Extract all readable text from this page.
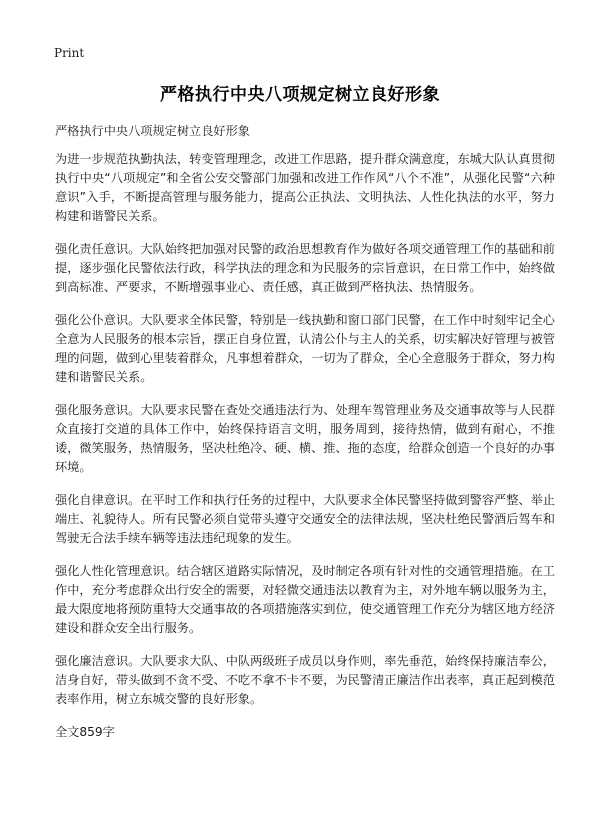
Print
严格执行中央八项规定树立良好形象
严格执行中央八项规定树立良好形象

为进一步规范执勤执法，转变管理理念，改进工作思路，提升群众满意度，东城大队认真贯彻执行中央“八项规定”和全省公安交警部门加强和改进工作作风“八个不准”，从强化民警“六种意识”入手，不断提高管理与服务能力，提高公正执法、文明执法、人性化执法的水平，努力构建和谐警民关系。

强化责任意识。大队始终把加强对民警的政治思想教育作为做好各项交通管理工作的基础和前提，逐步强化民警依法行政，科学执法的理念和为民服务的宗旨意识，在日常工作中，始终做到高标准、严要求，不断增强事业心、责任感，真正做到严格执法、热情服务。

强化公仆意识。大队要求全体民警，特别是一线执勤和窗口部门民警，在工作中时刻牢记全心全意为人民服务的根本宗旨，摆正自身位置，认清公仆与主人的关系，切实解决好管理与被管理的问题，做到心里装着群众，凡事想着群众，一切为了群众，全心全意服务于群众，努力构建和谐警民关系。

强化服务意识。大队要求民警在查处交通违法行为、处理车驾管理业务及交通事故等与人民群众直接打交道的具体工作中，始终保持语言文明，服务周到，接待热情，做到有耐心，不推诿，微笑服务，热情服务，坚决杜绝冷、硬、横、推、拖的态度，给群众创造一个良好的办事环境。

强化自律意识。在平时工作和执行任务的过程中，大队要求全体民警坚持做到警容严整、举止端庄、礼貌待人。所有民警必须自觉带头遵守交通安全的法律法规，坚决杜绝民警酒后驾车和驾驶无合法手续车辆等违法违纪现象的发生。

强化人性化管理意识。结合辖区道路实际情况，及时制定各项有针对性的交通管理措施。在工作中，充分考虑群众出行安全的需要，对轻微交通违法以教育为主，对外地车辆以服务为主，最大限度地将预防重特大交通事故的各项措施落实到位，使交通管理工作充分为辖区地方经济建设和群众安全出行服务。

强化廉洁意识。大队要求大队、中队两级班子成员以身作则，率先垂范，始终保持廉洁奉公，洁身自好，带头做到不贪不受、不吃不拿不卡不要，为民警清正廉洁作出表率，真正起到模范表率作用，树立东城交警的良好形象。

全文859字
